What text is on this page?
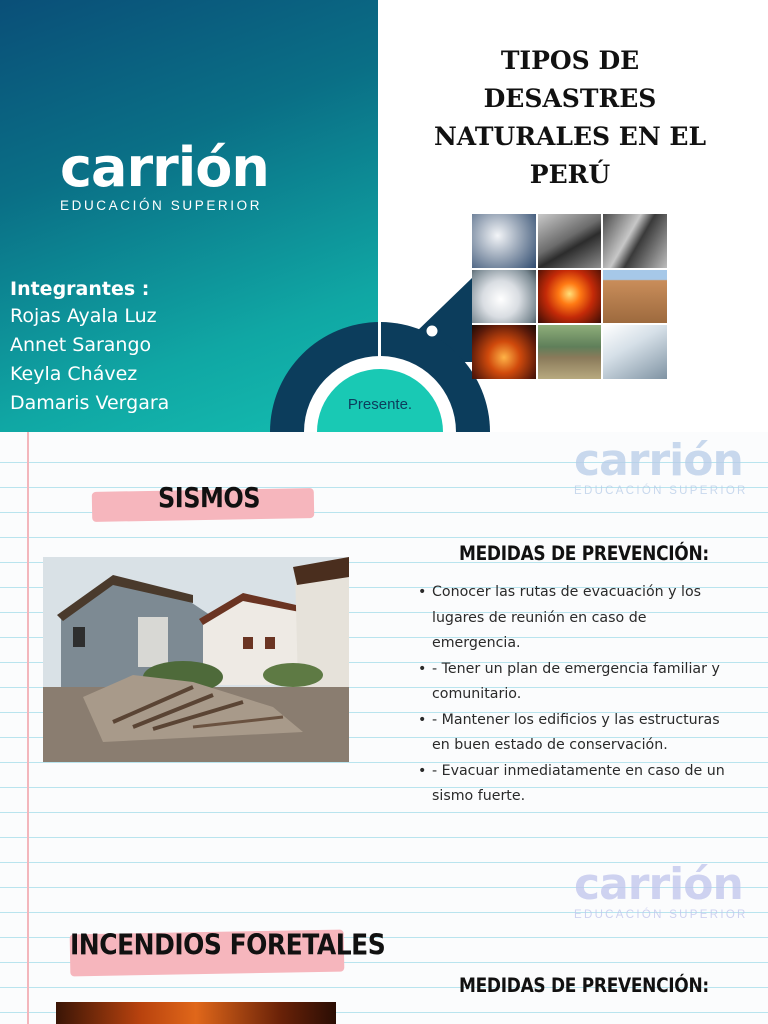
carrión
EDUCACIÓN SUPERIOR
Integrantes :
Rojas Ayala Luz
Annet Sarango
Keyla Chávez
Damaris Vergara	Presente.
TIPOS DE
DESASTRES
NATURALES EN EL
PERÚ
carrión
EDUCACIÓN SUPERIOR
carrión
EDUCACIÓN SUPERIOR
SISMOS
MEDIDAS DE PREVENCIÓN:
• Conocer las rutas de evacuación y los lugares de reunión en caso de emergencia.
• - Tener un plan de emergencia familiar y comunitario.
• - Mantener los edificios y las estructuras en buen estado de conservación.
• - Evacuar inmediatamente en caso de un sismo fuerte.
INCENDIOS FORETALES
MEDIDAS DE PREVENCIÓN:
